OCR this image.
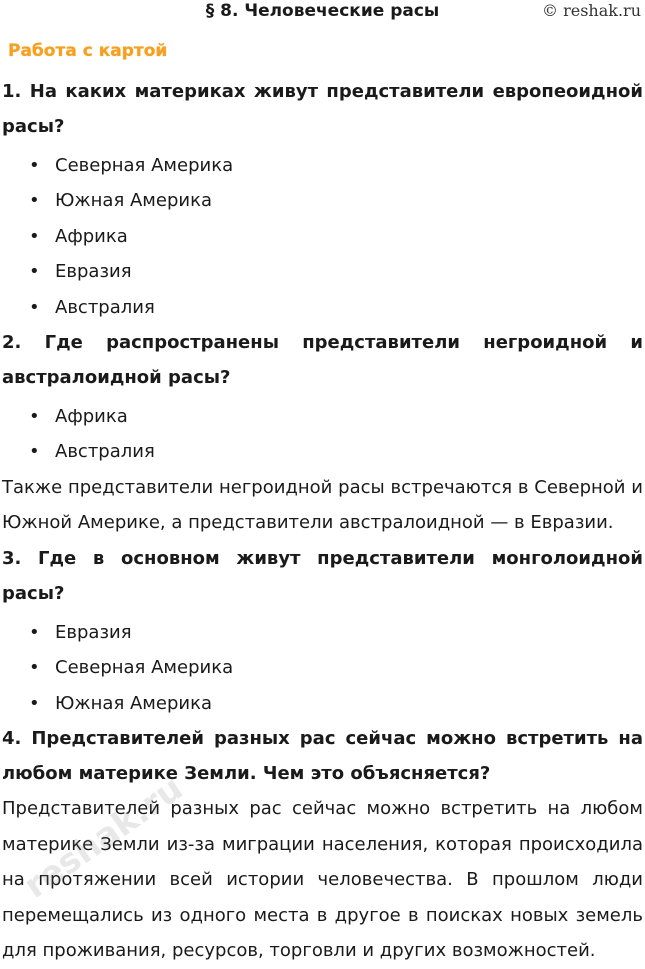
§ 8. Человеческие расы	© reshak.ru
Работа с картой

1. На каких материках живут представители европеоидной расы?

• Северная Америка
• Южная Америка
• Африка
• Евразия
• Австралия

2. Где распространены представители негроидной и австралоидной расы?

• Африка
• Австралия

Также представители негроидной расы встречаются в Северной и Южной Америке, а представители австралоидной — в Евразии.

3. Где в основном живут представители монголоидной расы?

• Евразия
• Северная Америка
• Южная Америка

4. Представителей разных рас сейчас можно встретить на любом материке Земли. Чем это объясняется?

Представителей разных рас сейчас можно встретить на любом материке Земли из-за миграции населения, которая происходила на протяжении всей истории человечества. В прошлом люди перемещались из одного места в другое в поисках новых земель для проживания, ресурсов, торговли и других возможностей.

reshak.ru
